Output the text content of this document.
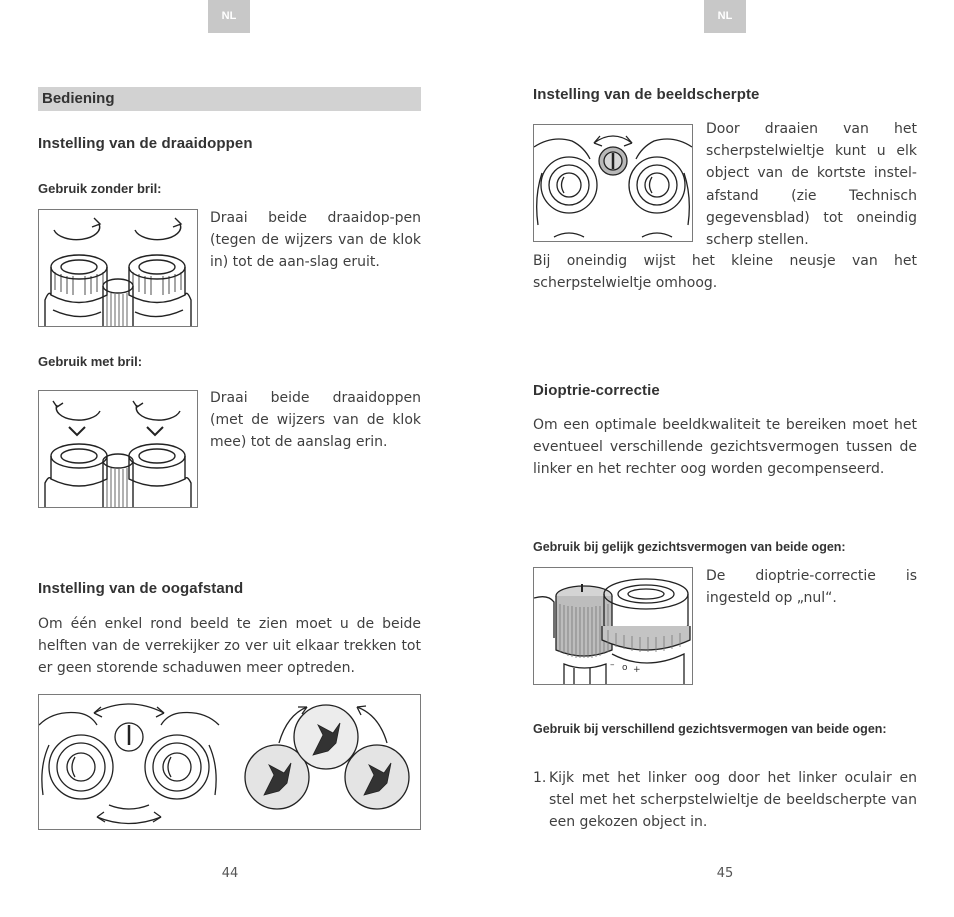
NL
Bediening
Instelling van de draaidoppen
Gebruik zonder bril:
Draai beide draaidop-pen (tegen de wijzers van de klok in) tot de aan-slag eruit.
Gebruik met bril:
Draai beide draaidoppen (met de wijzers van de klok mee) tot de aanslag erin.
Instelling van de oogafstand
Om één enkel rond beeld te zien moet u de beide helften van de verrekijker zo ver uit elkaar trekken tot er geen storende schaduwen meer optreden.
44
NL
Instelling van de beeldscherpte
Door draaien van het scherpstelwieltje kunt u elk object van de kortste instel-afstand (zie Technisch gegevensblad) tot oneindig scherp stellen.
Bij oneindig wijst het kleine neusje van het scherpstelwieltje omhoog.
Dioptrie-correctie
Om een optimale beeldkwaliteit te bereiken moet het eventueel verschillende gezichtsvermogen tussen de linker en het rechter oog worden gecompenseerd.
Gebruik bij gelijk gezichtsvermogen van beide ogen:
– o +
De dioptrie-correctie is ingesteld op „nul“.
Gebruik bij verschillend gezichtsvermogen van beide ogen:
1. Kijk met het linker oog door het linker oculair en stel met het scherpstelwieltje de beeldscherpte van een gekozen object in.
45
